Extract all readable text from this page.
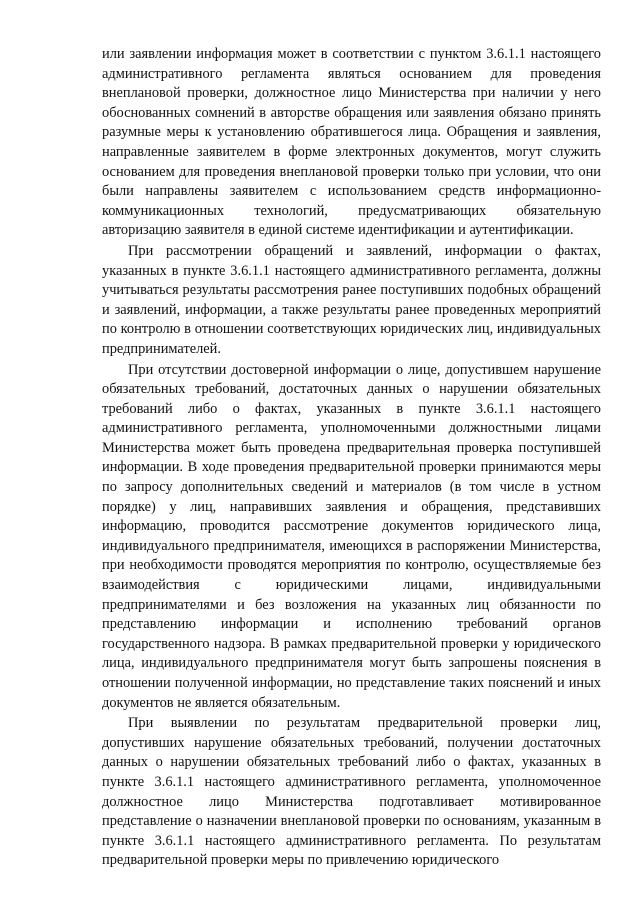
или заявлении информация может в соответствии с пунктом 3.6.1.1 настоящего административного регламента являться основанием для проведения внеплановой проверки, должностное лицо Министерства при наличии у него обоснованных сомнений в авторстве обращения или заявления обязано принять разумные меры к установлению обратившегося лица. Обращения и заявления, направленные заявителем в форме электронных документов, могут служить основанием для проведения внеплановой проверки только при условии, что они были направлены заявителем с использованием средств информационно-коммуникационных технологий, предусматривающих обязательную авторизацию заявителя в единой системе идентификации и аутентификации.

При рассмотрении обращений и заявлений, информации о фактах, указанных в пункте 3.6.1.1 настоящего административного регламента, должны учитываться результаты рассмотрения ранее поступивших подобных обращений и заявлений, информации, а также результаты ранее проведенных мероприятий по контролю в отношении соответствующих юридических лиц, индивидуальных предпринимателей.

При отсутствии достоверной информации о лице, допустившем нарушение обязательных требований, достаточных данных о нарушении обязательных требований либо о фактах, указанных в пункте 3.6.1.1 настоящего административного регламента, уполномоченными должностными лицами Министерства может быть проведена предварительная проверка поступившей информации. В ходе проведения предварительной проверки принимаются меры по запросу дополнительных сведений и материалов (в том числе в устном порядке) у лиц, направивших заявления и обращения, представивших информацию, проводится рассмотрение документов юридического лица, индивидуального предпринимателя, имеющихся в распоряжении Министерства, при необходимости проводятся мероприятия по контролю, осуществляемые без взаимодействия с юридическими лицами, индивидуальными предпринимателями и без возложения на указанных лиц обязанности по представлению информации и исполнению требований органов государственного надзора. В рамках предварительной проверки у юридического лица, индивидуального предпринимателя могут быть запрошены пояснения в отношении полученной информации, но представление таких пояснений и иных документов не является обязательным.

При выявлении по результатам предварительной проверки лиц, допустивших нарушение обязательных требований, получении достаточных данных о нарушении обязательных требований либо о фактах, указанных в пункте 3.6.1.1 настоящего административного регламента, уполномоченное должностное лицо Министерства подготавливает мотивированное представление о назначении внеплановой проверки по основаниям, указанным в пункте 3.6.1.1 настоящего административного регламента. По результатам предварительной проверки меры по привлечению юридического
